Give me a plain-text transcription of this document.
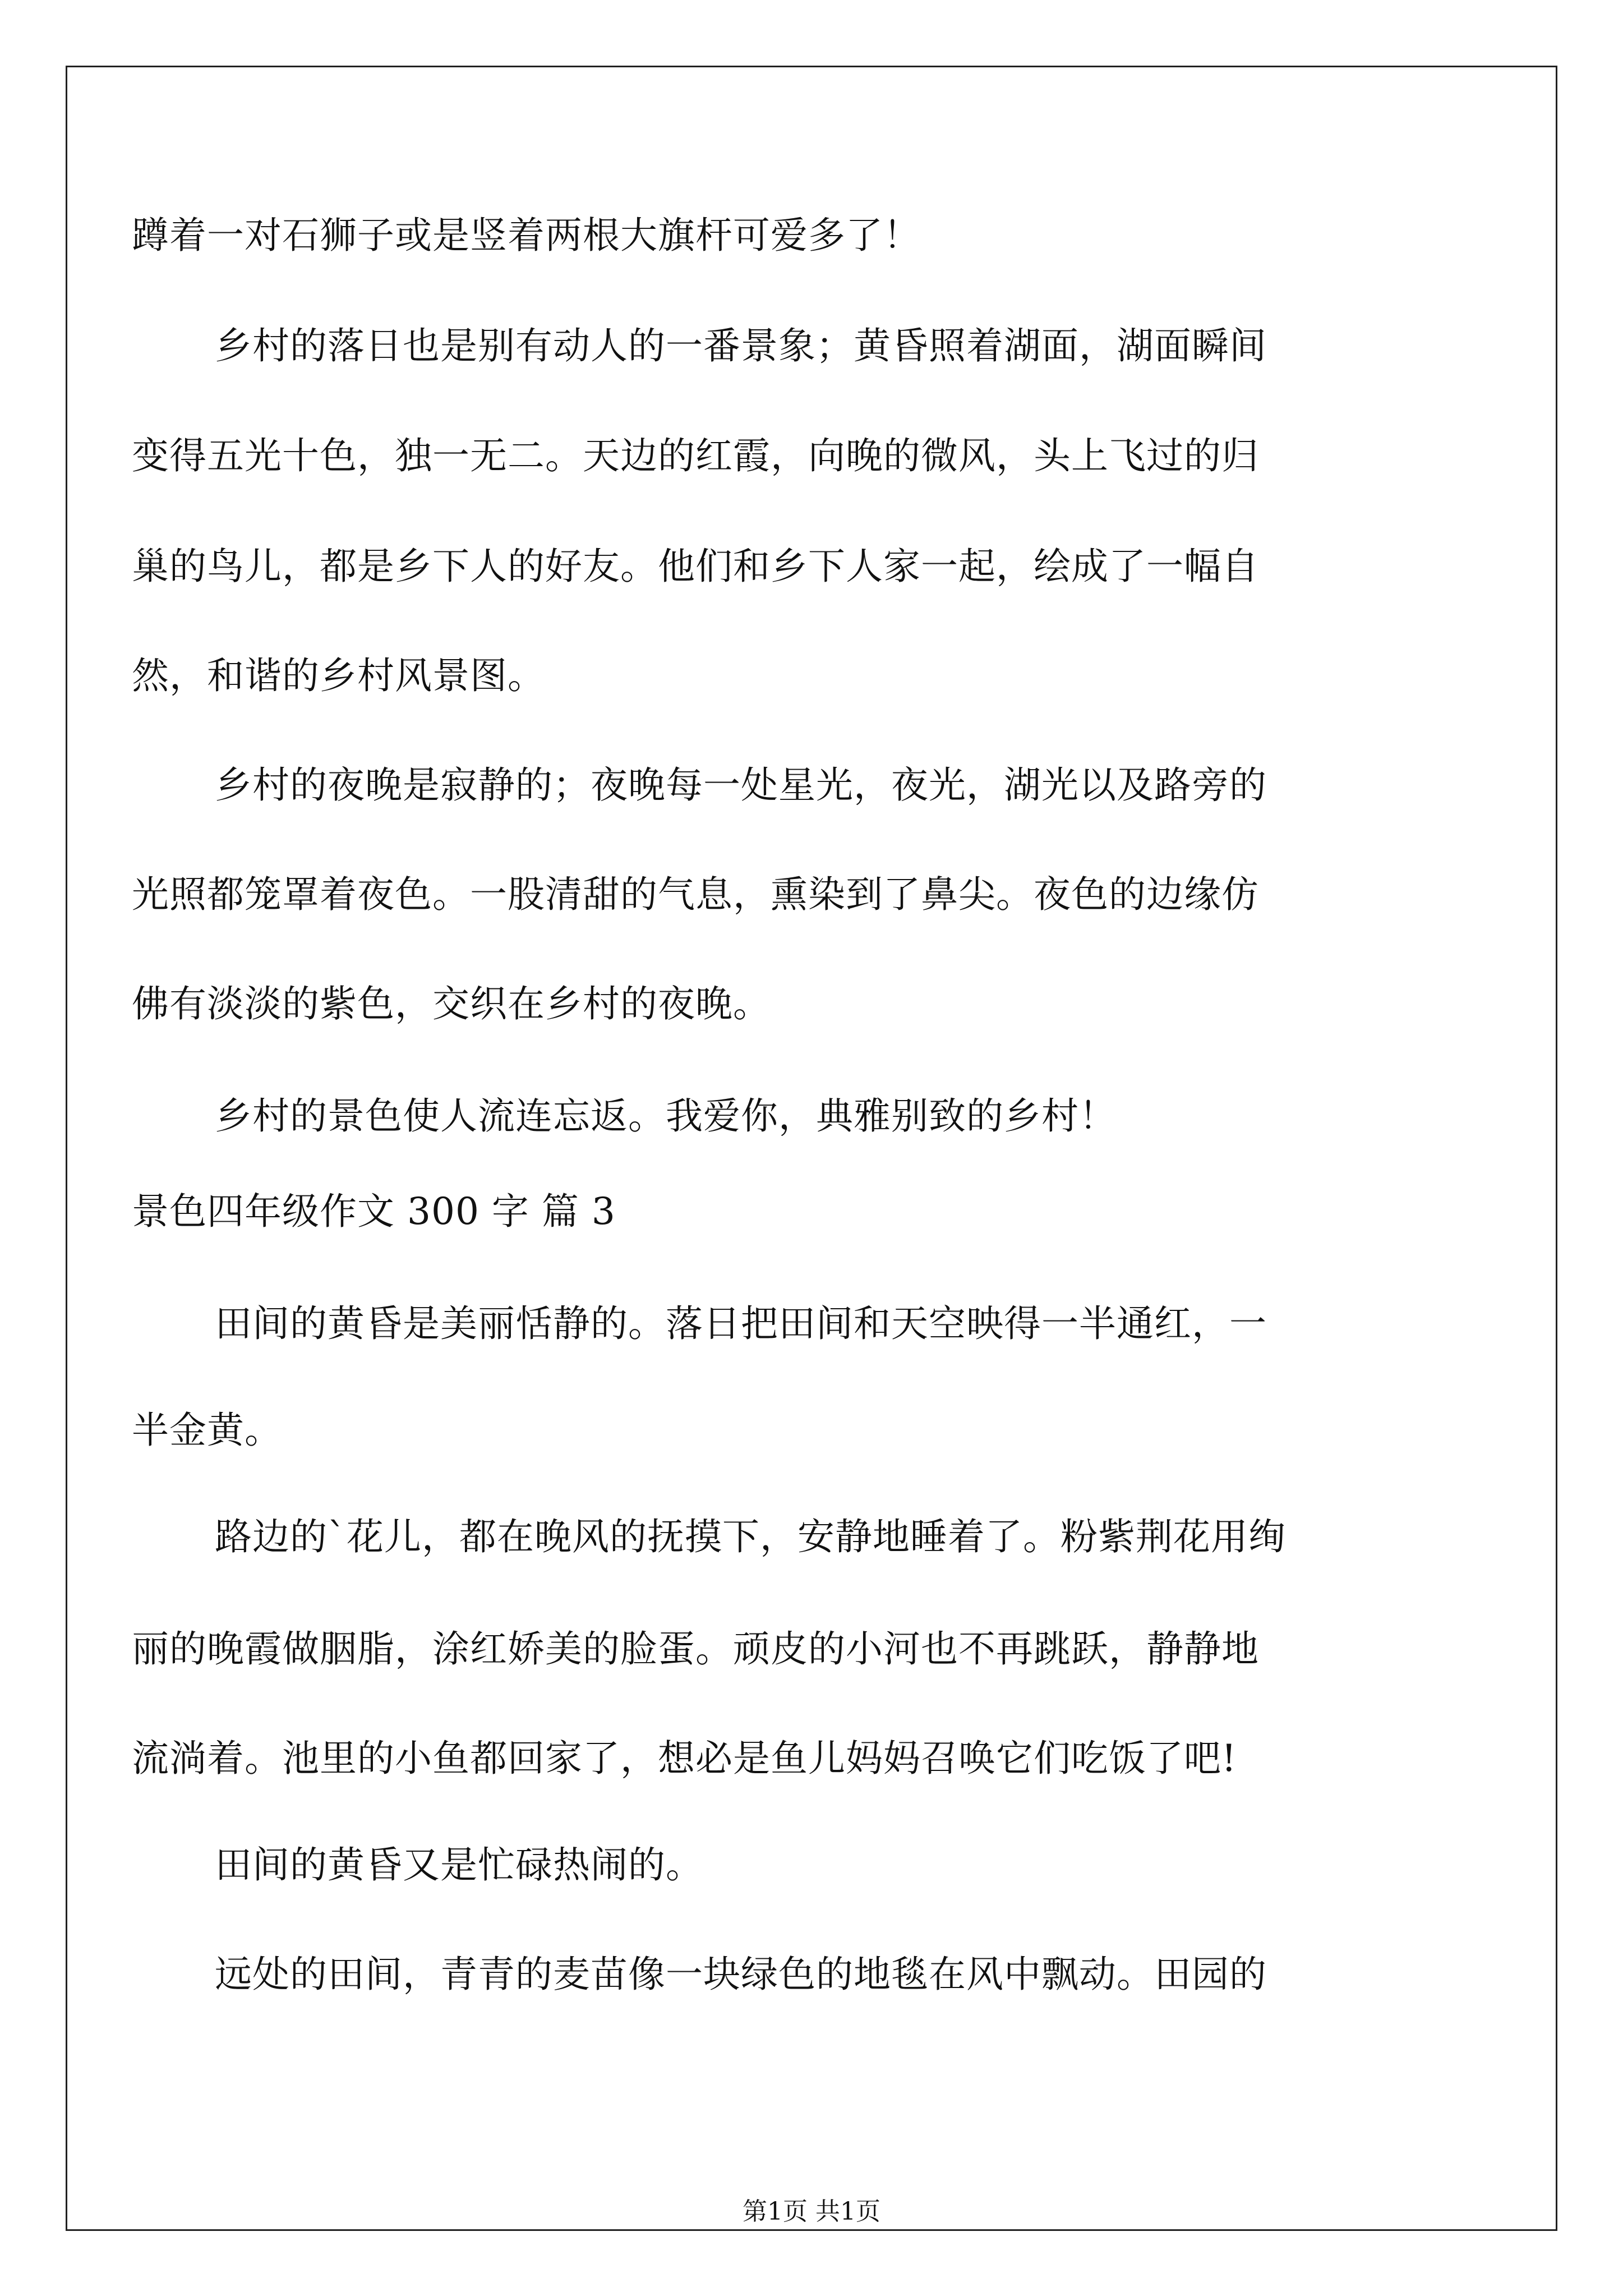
蹲着一对石狮子或是竖着两根大旗杆可爱多了！
乡村的落日也是别有动人的一番景象；黄昏照着湖面，湖面瞬间
变得五光十色，独一无二。天边的红霞，向晚的微风，头上飞过的归
巢的鸟儿，都是乡下人的好友。他们和乡下人家一起，绘成了一幅自
然，和谐的乡村风景图。
乡村的夜晚是寂静的；夜晚每一处星光，夜光，湖光以及路旁的
光照都笼罩着夜色。一股清甜的气息，熏染到了鼻尖。夜色的边缘仿
佛有淡淡的紫色，交织在乡村的夜晚。
乡村的景色使人流连忘返。我爱你，典雅别致的乡村！
景色四年级作文 300 字 篇 3
田间的黄昏是美丽恬静的。落日把田间和天空映得一半通红，一
半金黄。
路边的`花儿，都在晚风的抚摸下，安静地睡着了。粉紫荆花用绚
丽的晚霞做胭脂，涂红娇美的脸蛋。顽皮的小河也不再跳跃，静静地
流淌着。池里的小鱼都回家了，想必是鱼儿妈妈召唤它们吃饭了吧!
田间的黄昏又是忙碌热闹的。
远处的田间，青青的麦苗像一块绿色的地毯在风中飘动。田园的
第1页 共1页
